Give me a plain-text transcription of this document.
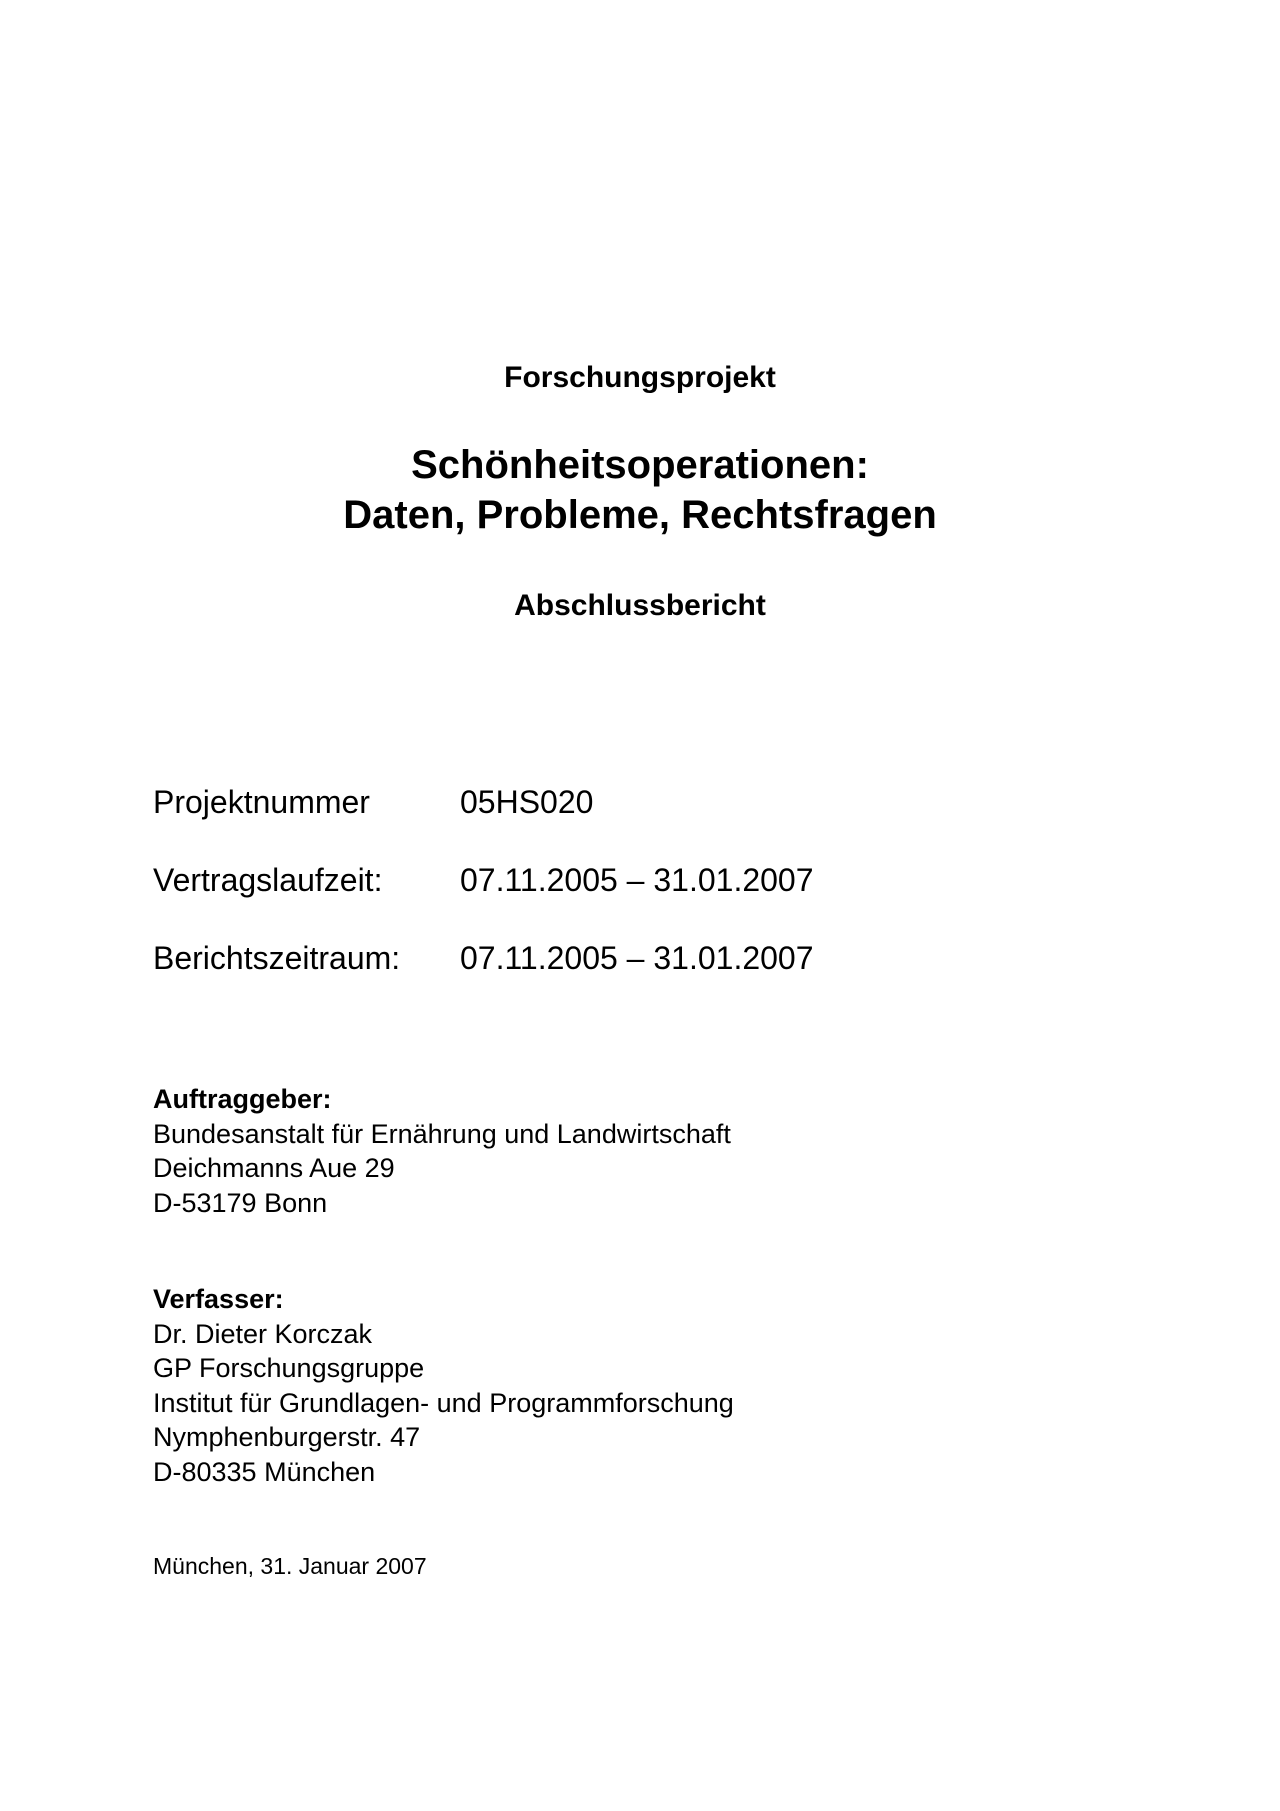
Forschungsprojekt
Schönheitsoperationen:
Daten, Probleme, Rechtsfragen
Abschlussbericht
Projektnummer	05HS020
Vertragslaufzeit:	07.11.2005 – 31.01.2007
Berichtszeitraum:	07.11.2005 – 31.01.2007
Auftraggeber:
Bundesanstalt für Ernährung und Landwirtschaft
Deichmanns Aue 29
D-53179 Bonn
Verfasser:
Dr. Dieter Korczak
GP Forschungsgruppe
Institut für Grundlagen- und Programmforschung
Nymphenburgerstr. 47
D-80335 München
München, 31. Januar 2007
